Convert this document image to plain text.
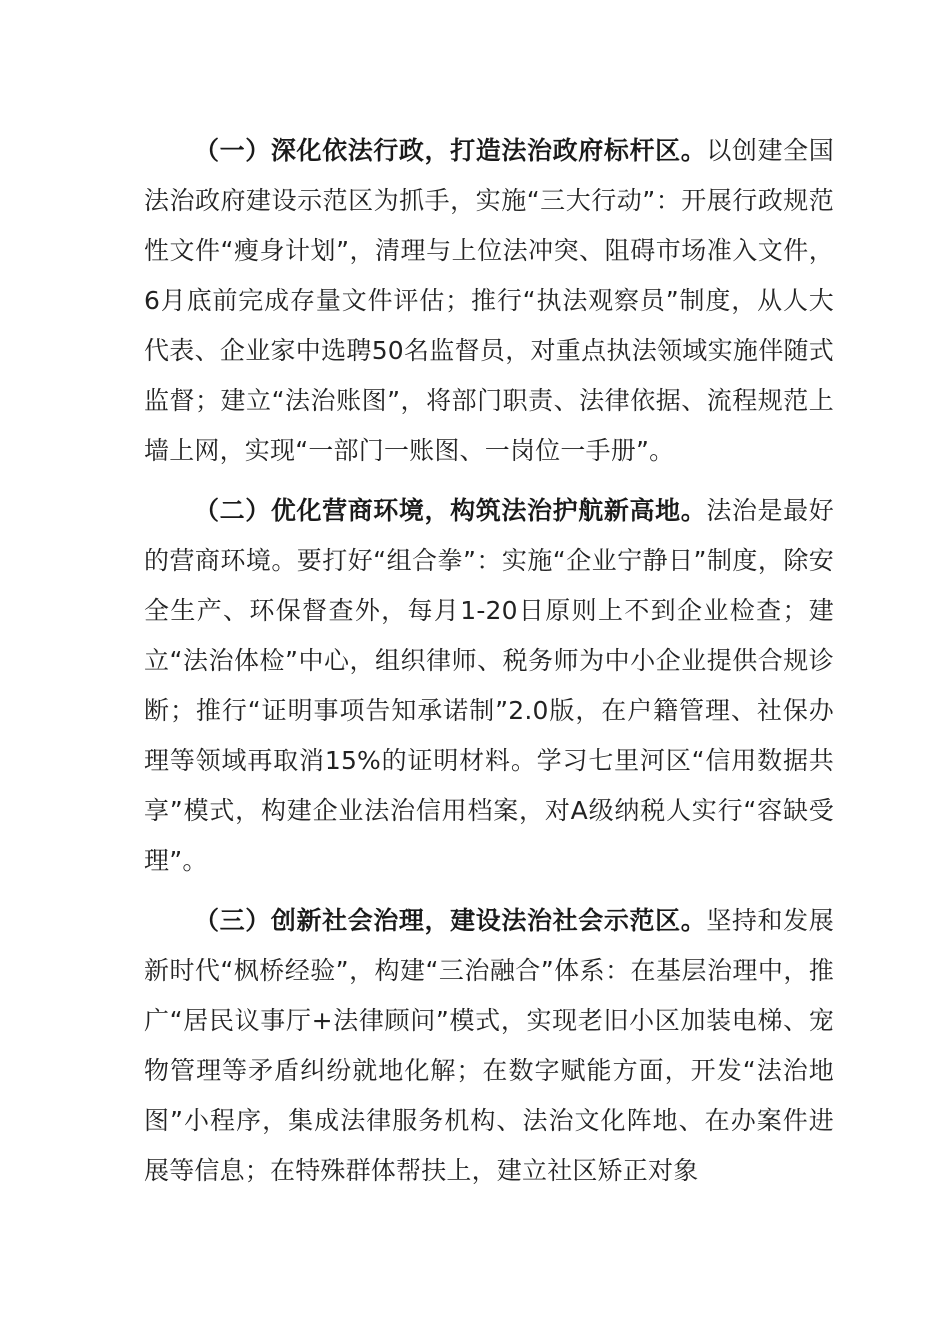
（一）深化依法行政，打造法治政府标杆区。以创建全国法治政府建设示范区为抓手，实施“三大行动”：开展行政规范性文件“瘦身计划”，清理与上位法冲突、阻碍市场准入文件，6月底前完成存量文件评估；推行“执法观察员”制度，从人大代表、企业家中选聘50名监督员，对重点执法领域实施伴随式监督；建立“法治账图”，将部门职责、法律依据、流程规范上墙上网，实现“一部门一账图、一岗位一手册”。

（二）优化营商环境，构筑法治护航新高地。法治是最好的营商环境。要打好“组合拳”：实施“企业宁静日”制度，除安全生产、环保督查外，每月1-20日原则上不到企业检查；建立“法治体检”中心，组织律师、税务师为中小企业提供合规诊断；推行“证明事项告知承诺制”2.0版，在户籍管理、社保办理等领域再取消15%的证明材料。学习七里河区“信用数据共享”模式，构建企业法治信用档案，对A级纳税人实行“容缺受理”。

（三）创新社会治理，建设法治社会示范区。坚持和发展新时代“枫桥经验”，构建“三治融合”体系：在基层治理中，推广“居民议事厅+法律顾问”模式，实现老旧小区加装电梯、宠物管理等矛盾纠纷就地化解；在数字赋能方面，开发“法治地图”小程序，集成法律服务机构、法治文化阵地、在办案件进展等信息；在特殊群体帮扶上，建立社区矫正对象
